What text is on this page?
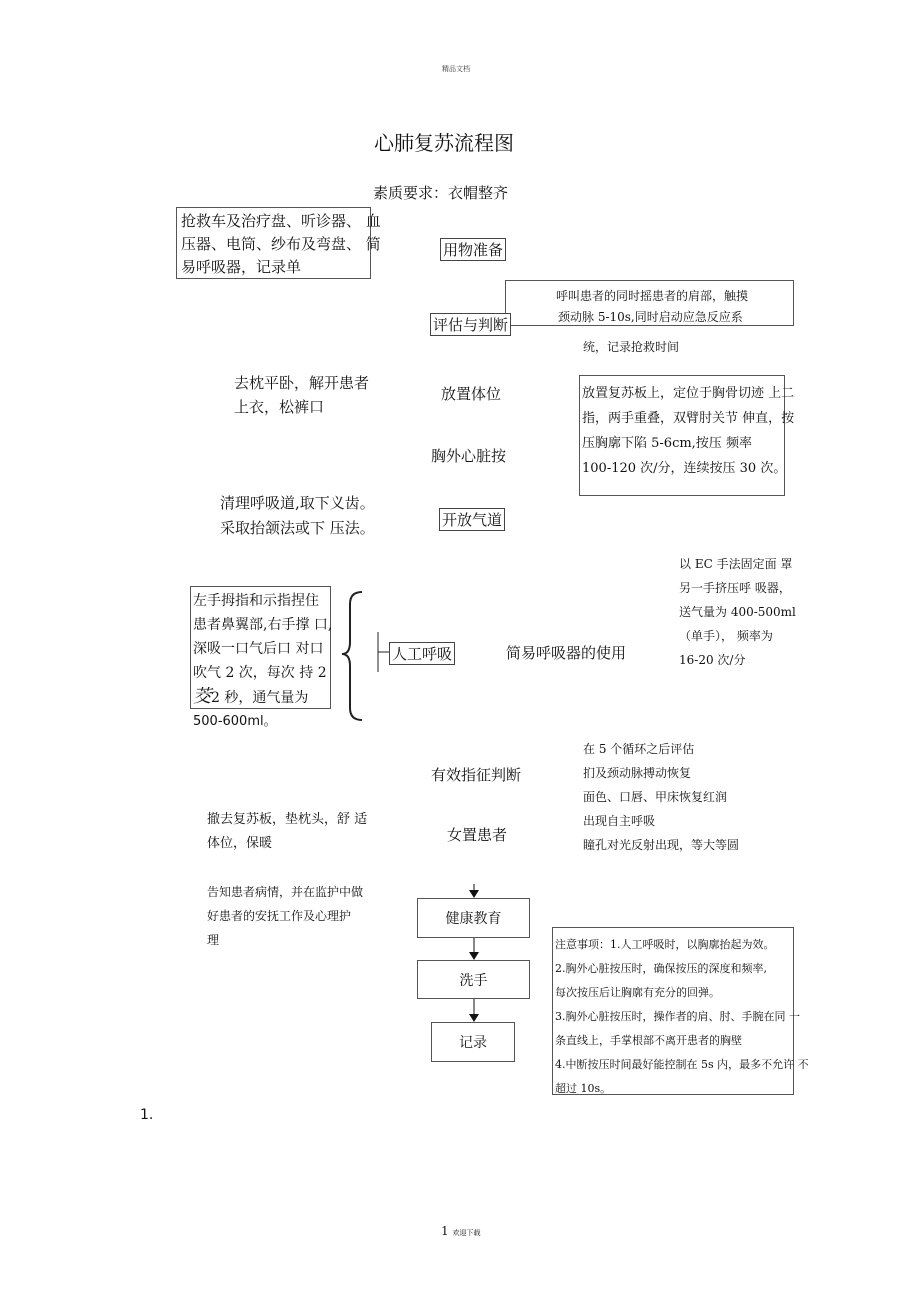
精品文档
心肺复苏流程图
素质要求：衣帽整齐
抢救车及治疗盘、听诊器、 血
压器、电筒、纱布及弯盘、 简
易呼吸器，记录单
用物准备
呼叫患者的同时摇患者的肩部，触摸
颈动脉 5-10s,同时启动应急反应系
评估与判断
统，记录抢救时间
去枕平卧，解开患者
上衣，松裤口
放置体位	放置复苏板上，定位于胸骨切迹 上二
指，两手重叠，双臂肘关节 伸直，按
压胸廓下陷 5-6cm,按压 频率
100-120 次/分，连续按压 30 次。
胸外心脏按
清理呼吸道,取下义齿。
采取抬颔法或下 压法。	开放气道
以 EC 手法固定面 罩
另一手挤压呼 吸器，
送气量为 400-500ml
（单手）， 频率为
16-20 次/分
左手拇指和示指捏住
患者鼻翼部,右手撑 口,
深吸一口气后口 对口
吹气 2 次，每次 持 2
茭2 秒，通气量为
500-600ml。
人工呼吸	简易呼吸器的使用
有效指征判断
在 5 个循环之后评估
扪及颈动脉搏动恢复
面色、口唇、甲床恢复红润
出现自主呼吸
瞳孔对光反射出现，等大等圆
撤去复苏板，垫枕头，舒 适
体位，保暖	女置患者
告知患者病情，并在监护中做
好患者的安抚工作及心理护
理
健康教育
洗手
记录
注意事项：1.人工呼吸时，以胸廓抬起为效。
2.胸外心脏按压时，确保按压的深度和频率,
每次按压后让胸廓有充分的回弹。
3.胸外心脏按压时，操作者的肩、肘、手腕在同 一
条直线上，手掌根部不离开患者的胸壁
4.中断按压时间最好能控制在 5s 内，最多不允许 不
超过 10s。
1.
1 欢迎下载
